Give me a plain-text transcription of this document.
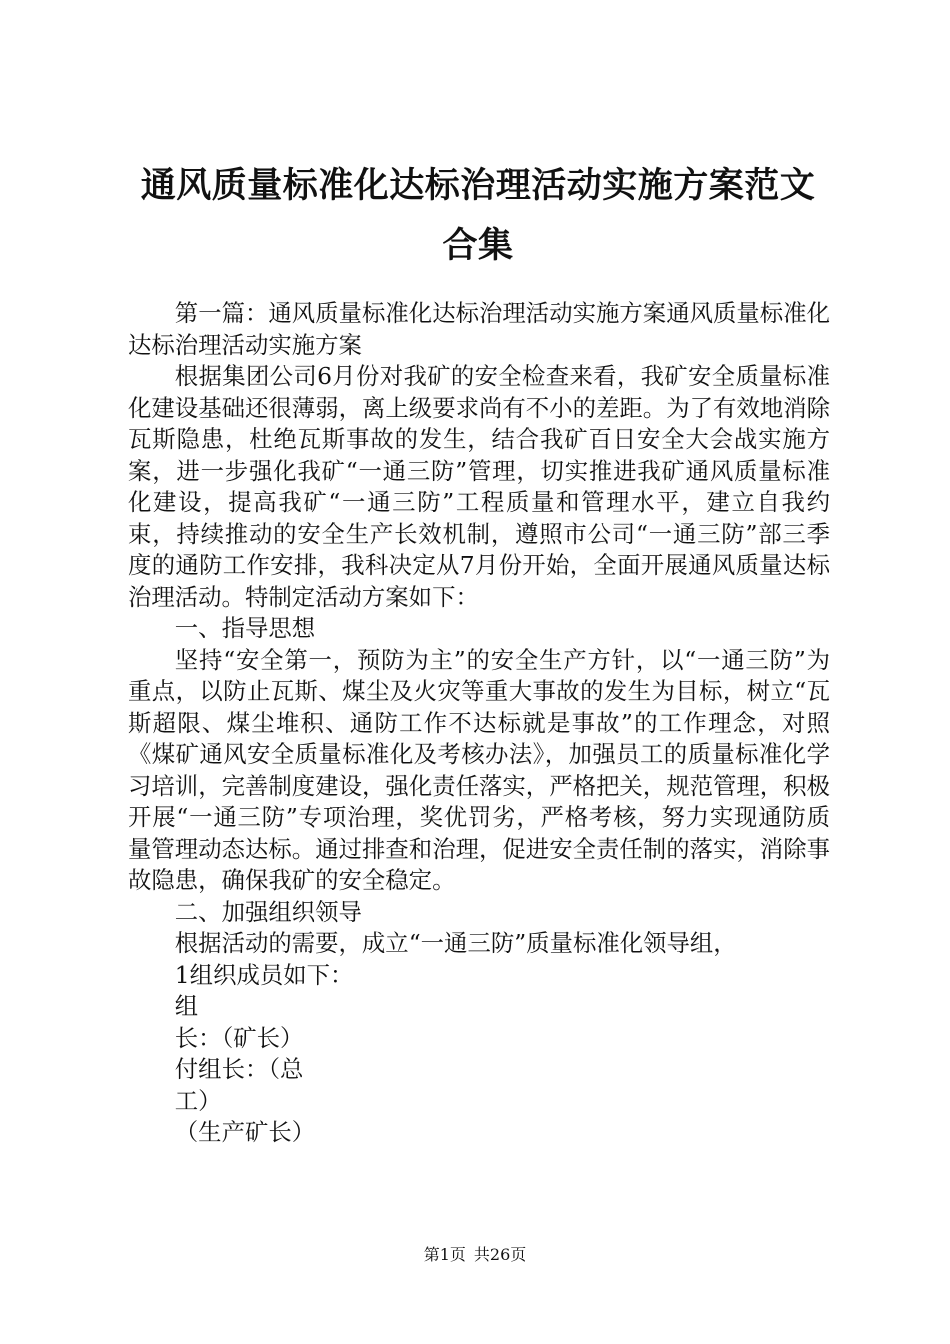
通风质量标准化达标治理活动实施方案范文合集

第一篇：通风质量标准化达标治理活动实施方案通风质量标准化达标治理活动实施方案

根据集团公司6月份对我矿的安全检查来看，我矿安全质量标准化建设基础还很薄弱，离上级要求尚有不小的差距。为了有效地消除瓦斯隐患，杜绝瓦斯事故的发生，结合我矿百日安全大会战实施方案，进一步强化我矿“一通三防”管理，切实推进我矿通风质量标准化建设，提高我矿“一通三防”工程质量和管理水平，建立自我约束，持续推动的安全生产长效机制，遵照市公司“一通三防”部三季度的通防工作安排，我科决定从7月份开始，全面开展通风质量达标治理活动。特制定活动方案如下：

一、指导思想

坚持“安全第一，预防为主”的安全生产方针，以“一通三防”为重点，以防止瓦斯、煤尘及火灾等重大事故的发生为目标，树立“瓦斯超限、煤尘堆积、通防工作不达标就是事故”的工作理念，对照《煤矿通风安全质量标准化及考核办法》，加强员工的质量标准化学习培训，完善制度建设，强化责任落实，严格把关，规范管理，积极开展“一通三防”专项治理，奖优罚劣，严格考核，努力实现通防质量管理动态达标。通过排查和治理，促进安全责任制的落实，消除事故隐患，确保我矿的安全稳定。

二、加强组织领导

根据活动的需要，成立“一通三防”质量标准化领导组，

1组织成员如下：

组

长：（矿长）

付组长：（总

工）

（生产矿长）

第1页 共26页
